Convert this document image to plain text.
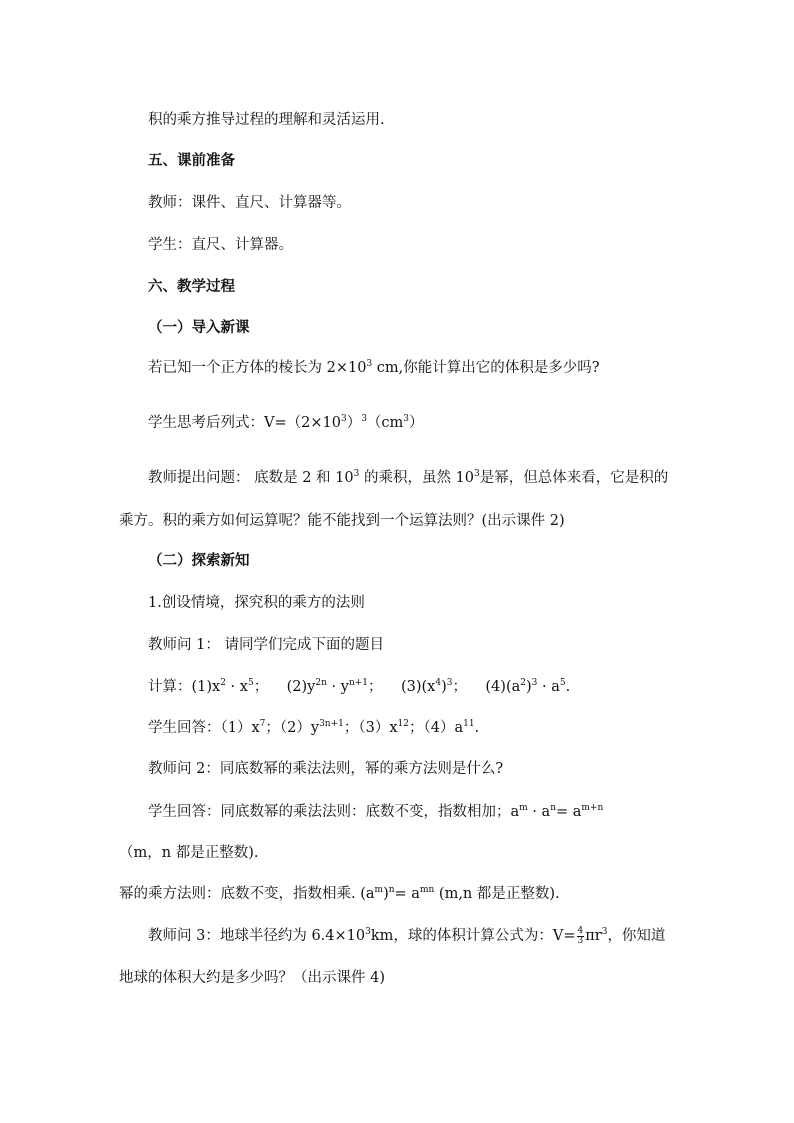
积的乘方推导过程的理解和灵活运用.
五、课前准备
教师：课件、直尺、计算器等。
学生：直尺、计算器。
六、教学过程
（一）导入新课
若已知一个正方体的棱长为 $2\times 10^3$ cm,你能计算出它的体积是多少吗?
学生思考后列式：$V=(2\times 10^3)^3(cm^3)$
教师提出问题： 底数是 2 和 $10^3$ 的乘积，虽然 $10^3$是幂，但总体来看，它是积的
乘方。积的乘方如何运算呢？能不能找到一个运算法则？(出示课件 2)
（二）探索新知
1.创设情境，探究积的乘方的法则
教师问 1： 请同学们完成下面的题目
计算：$(1)x^2 \cdot x^5$；    $(2)y^{2n} \cdot y^{n+1}$；    $(3)(x^4)^3$；    $(4)(a^2)^3 \cdot a^5$.
学生回答：$(1)x^7$；$(2)y^{3n+1}$；$(3)x^{12}$；$(4)a^{11}$.
教师问 2：同底数幂的乘法法则，幂的乘方法则是什么?
学生回答：同底数幂的乘法法则：底数不变，指数相加；$a^m \cdot a^n= a^{m+n}$
（m，n 都是正整数).
幂的乘方法则：底数不变，指数相乘. $(a^m)^n= a^{mn}$ (m,n 都是正整数).
教师问 3：地球半径约为 $6.4\times 10^3km$，球的体积计算公式为：$V= \frac{4}{3} \pi r^3$，你知道
地球的体积大约是多少吗？（出示课件 4)
